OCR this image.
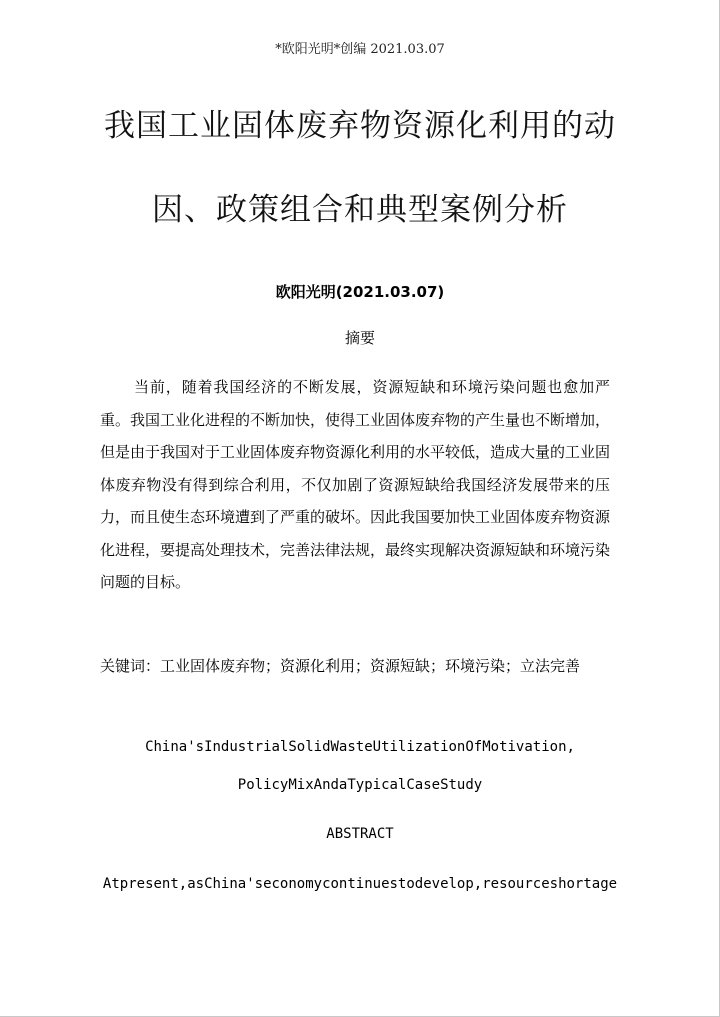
*欧阳光明*创编 2021.03.07
我国工业固体废弃物资源化利用的动
因、政策组合和典型案例分析
欧阳光明(2021.03.07)
摘要
当前，随着我国经济的不断发展，资源短缺和环境污染问题也愈加严重。我国工业化进程的不断加快，使得工业固体废弃物的产生量也不断增加，但是由于我国对于工业固体废弃物资源化利用的水平较低，造成大量的工业固体废弃物没有得到综合利用，不仅加剧了资源短缺给我国经济发展带来的压力，而且使生态环境遭到了严重的破坏。因此我国要加快工业固体废弃物资源化进程，要提高处理技术，完善法律法规，最终实现解决资源短缺和环境污染问题的目标。
关键词：工业固体废弃物；资源化利用；资源短缺；环境污染；立法完善
China'sIndustrialSolidWasteUtilizationOfMotivation,
PolicyMixAndaTypicalCaseStudy
ABSTRACT
Atpresent,asChina'seconomycontinuestodevelop,resourceshortage
